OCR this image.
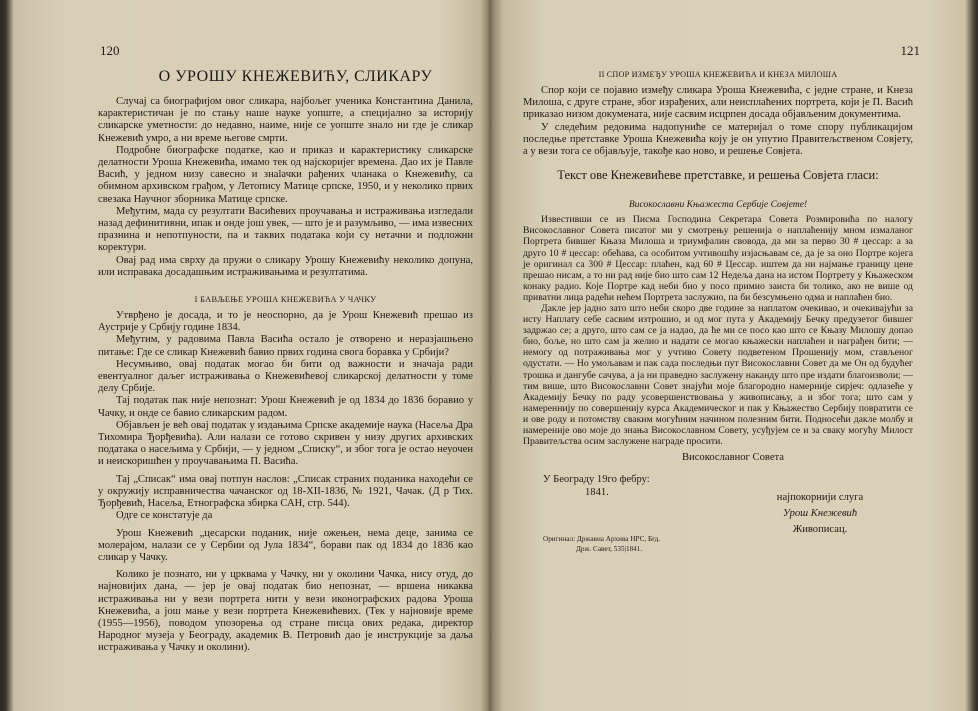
120
О УРОШУ КНЕЖЕВИЋУ, СЛИКАРУ

Случај са биографијом овог сликара, најбољег ученика Константина Данила, карактеристичан је по стању наше науке уопште, а специјално за историју сликарске уметности: до недавно, наиме, није се уопште знало ни где је сликар Кнежевић умро, а ни време његове смрти.

Подробне биографске податке, као и приказ и карактеристику сликарске делатности Уроша Кнежевића, имамо тек од најскоријег времена. Дао их је Павле Васић, у једном низу савесно и знalачки рађених чланака о Кнежевићу, са обимном архивском грађом, у Летопису Матице српске, 1950, и у неколико првих свезака Научног зборника Матице српске.

Међутим, мада су резултати Васићевих проучавања и истраживања изгледали назад дефинитивни, ипак и онде још увек, — што је и разумљиво, — има извесних празнина и непотпуности, па и таквих података који су нетачни и подложни коректури.

Овај рад има сврху да пружи о сликару Урошу Кнежевићу неколико допуна, или исправака досадашњим истраживањима и резултатима.

I БАВЉЕЊЕ УРОША КНЕЖЕВИЋА У ЧАЧКУ

Утврђено је досада, и то је неоспорно, да је Урош Кнежевић прешао из Аустрије у Србију године 1834.

Међутим, у радовима Павла Васића остало је отворено и неразјашњено питање: Где се сликар Кнежевић бавио првих година свога боравка у Србији?

Несумњиво, овај податак могао би бити од важности и значаја ради евентуалног даљег истраживања о Кнежевићевој сликарској делатности у томе делу Србије.

Тај податак пак није непознат: Урош Кнежевић је од 1834 до 1836 боравио у Чачку, и онде се бавио сликарским радом.

Објављен је већ овај податак у издањима Српске академије наука (Насеља Дра Тихомира Ђорђевића). Али налази се готово скривен у низу других архивских података о насељима у Србији, — у једном „Списку“, и због тога је остао неуочен и неискоришћен у проучавањима П. Васића.

Тај „Списак“ има овај потпун наслов: „Списак страних поданика находећи се у окружију исправничества чачанског од 18-XII-1836, № 1921, Чачак. (Д р Тих. Ђорђевић, Насеља, Етнографска збирка САН, стр. 544).

Одге се констатује да

Урош Кнежевић „цесарски поданик, није ожењен, нема деце, занима се молерајом, налази се у Сербии од Јула 1834“, борави пак од 1834 до 1836 као сликар у Чачку.

Колико је познато, ни у црквама у Чачку, ни у околини Чачка, нису отуд, до најновијих дана, — јер је овај податак био непознат, — вршена никаква истраживања ни у вези портрета нити у вези иконографских радова Уроша Кнежевића, а још мање у вези портрета Кнежевићевих. (Тек у најновије време (1955—1956), поводом упозорења од стране писца ових редака, директор Народног музеја у Београду, академик В. Петровић дао је инструкције за даља истраживања у Чачку и околини).

121
II СПОР ИЗМЕЂУ УРОША КНЕЖЕВИЋА И КНЕЗА МИЛОША

Спор који се појавио између сликара Уроша Кнежевића, с једне стране, и Кнеза Милоша, с друге стране, због израђених, али неисплаћених портрета, који је П. Васић приказао низом докумената, није сасвим исцрпен досада објављеним документима.

У следећим редовима надопуниће се материјал о томе спору публикацијом последње претставке Уроша Кнежевића коју је он упутио Правитељственом Совјету, а у вези тога се објављује, такође као ново, и решење Совјета.

Текст ове Кнежевићеве претставке, и решења Совјета гласи:
Високославни Књажеста Сербије Совјете!

Известивши се из Писма Господина Секретара Совета Розмировића по налогу Високославног Совета писатог ми у смотрењу решенија о наплаћенију мном измаланог Портрета бившег Књаза Милоша и триумфалин свовода, да ми за перво 30 # цессар: а за друго 10 # цессар: обећава, са особитом учтивошћу изјасњавам се, да је за оно Портре којега је оригинал са 300 # Цессар: плаћен, кад 60 # Цессар. иштем да ни најмање границу цене прешао нисам, а то ни рад није био што сам 12 Недеља дана на истом Портрету у Књажеском конаку радио. Које Портре кад неби био у посо примио заиста би толико, ако не више од приватни лица радећи нећем Портрета заслужио, па би безсумњено одма и наплаћен био.

Дакле јер јадно зато што неби скоро две године за наплатом очекивао, и очекивајући за исту Наплату себе сасвим изтрошио, и од мог пута у Академију Бечку предузетог бившег задржао се; а друго, што сам се ја надао, да ће ми се посо као што се Књазу Милошу допао био, боље, но што сам ја желио и надати се могао књажески наплаћен и награђен бити; — немогу од потраживања мог у учтиво Совету подветеном Прошенију мом, стављеног одустати. — Но умољавам и пак сада последњи пут Високославни Совет да ме Он од будућег трошка и дангубе сачува, а ја ни праведно заслужену наканду што пре издати благоизволи; — тим више, што Високославни Совет знајући моје благородно намерније сирјеч: одлазеће у Академију Бечку по раду усовершенствовања у живописању, а и због тога; што сам у намереннију по совершенију курса Академическог и пак у Књажество Сербију повратити се и ове роду и потомству сваким могућним начином полезним бити. Подносећи дакле молбу и намереније ово моје до знања Високославном Совету, усуђујем се и за сваку могућу Милост Правитељства осим заслужене награде просити.

Високославног Совета

У Београду 19го фебру:
1841.	најпокорнији слуга
Урош Кнежевић
Живописац.
Оригинал: Државна Архива НРС, Бгд.
Држ. Савет, 535|1841.
